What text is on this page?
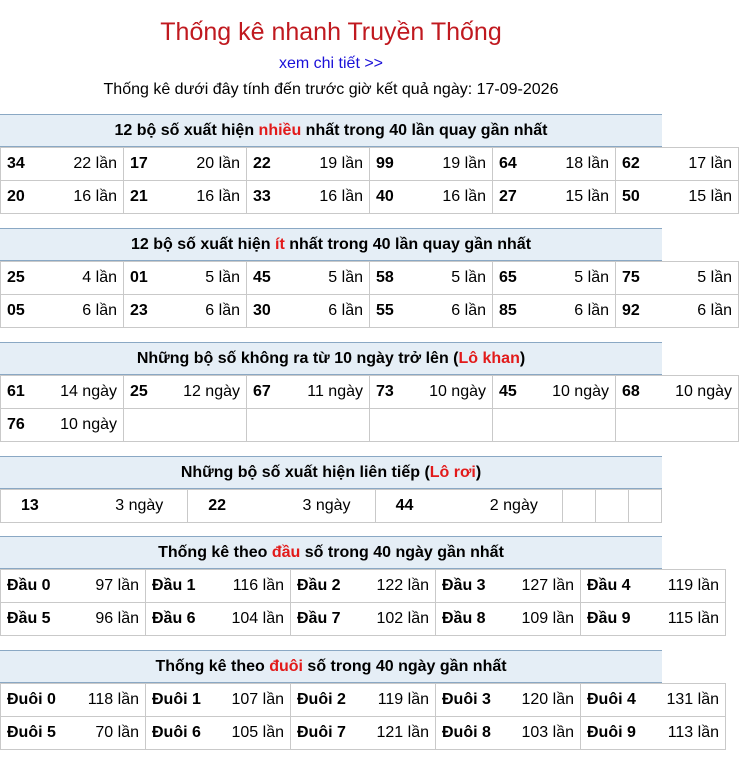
Thống kê nhanh Truyền Thống
xem chi tiết >>
Thống kê dưới đây tính đến trước giờ kết quả ngày: 17-09-2026
12 bộ số xuất hiện nhiều nhất trong 40 lần quay gần nhất
34 22 lần	17 20 lần	22 19 lần	99 19 lần	64 18 lần	62 17 lần

20 16 lần	21 16 lần	33 16 lần	40 16 lần	27 15 lần	50 15 lần
12 bộ số xuất hiện ít nhất trong 40 lần quay gần nhất
25 4 lần	01 5 lần	45 5 lần	58 5 lần	65 5 lần	75 5 lần

05 6 lần	23 6 lần	30 6 lần	55 6 lần	85 6 lần	92 6 lần
Những bộ số không ra từ 10 ngày trở lên (Lô khan)
61 14 ngày	25 12 ngày	67 11 ngày	73 10 ngày	45 10 ngày	68 10 ngày

76 10 ngày					

Những bộ số xuất hiện liên tiếp (Lô rơi)
13	3 ngày	22	3 ngày	44	2 ngày

Thống kê theo đầu số trong 40 ngày gần nhất
Đầu 0 97 lần	Đầu 1 116 lần	Đầu 2 122 lần	Đầu 3 127 lần	Đầu 4 119 lần

Đầu 5 96 lần	Đầu 6 104 lần	Đầu 7 102 lần	Đầu 8 109 lần	Đầu 9 115 lần
Thống kê theo đuôi số trong 40 ngày gần nhất
Đuôi 0 118 lần	Đuôi 1 107 lần	Đuôi 2 119 lần	Đuôi 3 120 lần	Đuôi 4 131 lần

Đuôi 5 70 lần	Đuôi 6 105 lần	Đuôi 7 121 lần	Đuôi 8 103 lần	Đuôi 9 113 lần
